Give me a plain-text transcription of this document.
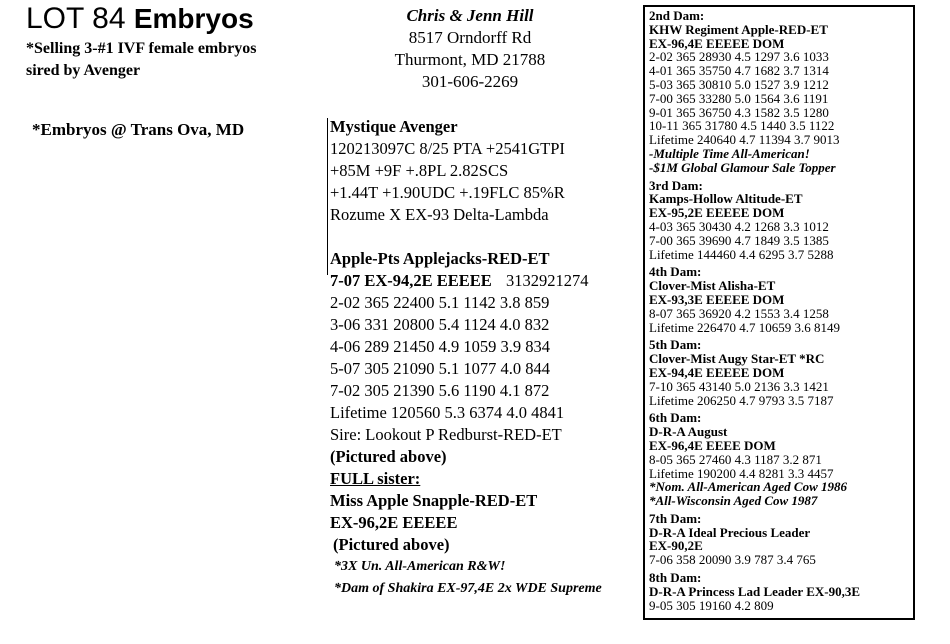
LOT 84 Embryos
*Selling 3-#1 IVF female embryos
sired by Avenger
*Embryos @ Trans Ova, MD
Chris & Jenn Hill
8517 Orndorff Rd
Thurmont, MD 21788
301-606-2269
Mystique Avenger
120213097C 8/25 PTA +2541GTPI
+85M +9F +.8PL 2.82SCS
+1.44T +1.90UDC +.19FLC 85%R
Rozume X EX-93 Delta-Lambda
Apple-Pts Applejacks-RED-ET
7-07 EX-94,2E EEEEE 3132921274
2-02 365 22400 5.1 1142 3.8 859
3-06 331 20800 5.4 1124 4.0 832
4-06 289 21450 4.9 1059 3.9 834
5-07 305 21090 5.1 1077 4.0 844
7-02 305 21390 5.6 1190 4.1 872
Lifetime 120560 5.3 6374 4.0 4841
Sire: Lookout P Redburst-RED-ET
(Pictured above)
FULL sister:
Miss Apple Snapple-RED-ET
EX-96,2E EEEEE
(Pictured above)
*3X Un. All-American R&W!
*Dam of Shakira EX-97,4E 2x WDE Supreme
2nd Dam:
KHW Regiment Apple-RED-ET
EX-96,4E EEEEE DOM
2-02 365 28930 4.5 1297 3.6 1033
4-01 365 35750 4.7 1682 3.7 1314
5-03 365 30810 5.0 1527 3.9 1212
7-00 365 33280 5.0 1564 3.6 1191
9-01 365 36750 4.3 1582 3.5 1280
10-11 365 31780 4.5 1440 3.5 1122
Lifetime 240640 4.7 11394 3.7 9013
-Multiple Time All-American!
-$1M Global Glamour Sale Topper
3rd Dam:
Kamps-Hollow Altitude-ET
EX-95,2E EEEEE DOM
4-03 365 30430 4.2 1268 3.3 1012
7-00 365 39690 4.7 1849 3.5 1385
Lifetime 144460 4.4 6295 3.7 5288
4th Dam:
Clover-Mist Alisha-ET
EX-93,3E EEEEE DOM
8-07 365 36920 4.2 1553 3.4 1258
Lifetime 226470 4.7 10659 3.6 8149
5th Dam:
Clover-Mist Augy Star-ET *RC
EX-94,4E EEEEE DOM
7-10 365 43140 5.0 2136 3.3 1421
Lifetime 206250 4.7 9793 3.5 7187
6th Dam:
D-R-A August
EX-96,4E EEEE DOM
8-05 365 27460 4.3 1187 3.2 871
Lifetime 190200 4.4 8281 3.3 4457
*Nom. All-American Aged Cow 1986
*All-Wisconsin Aged Cow 1987
7th Dam:
D-R-A Ideal Precious Leader
EX-90,2E
7-06 358 20090 3.9 787 3.4 765
8th Dam:
D-R-A Princess Lad Leader EX-90,3E
9-05 305 19160 4.2 809
